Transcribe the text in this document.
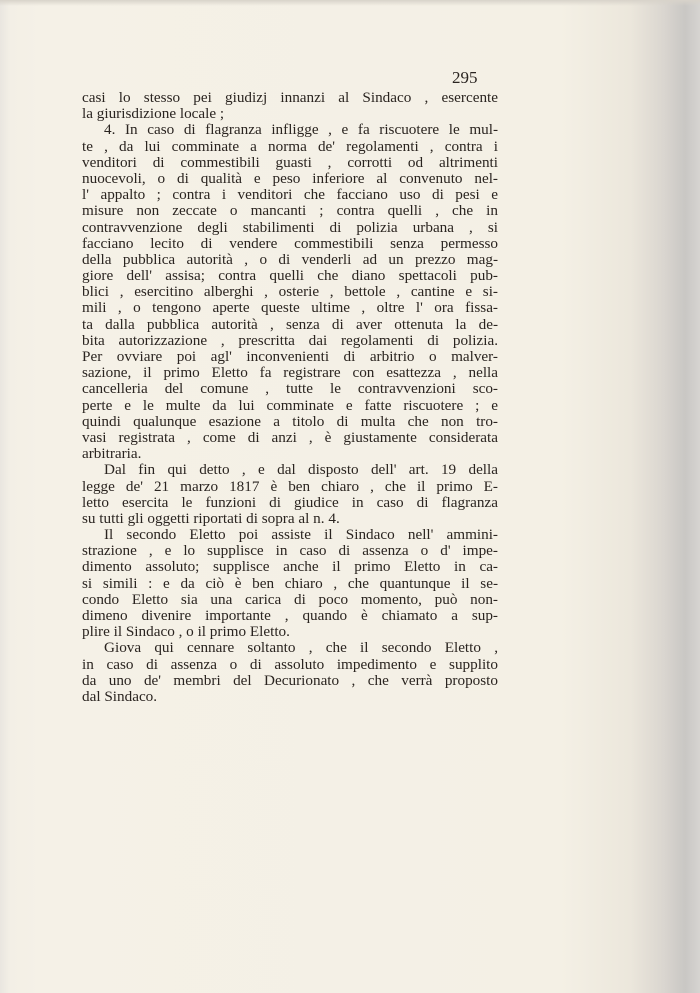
295
casi lo stesso pei giudizj innanzi al Sindaco , esercente
la giurisdizione locale ;
4. In caso di flagranza infligge , e fa riscuotere le mul-
te , da lui comminate a norma de' regolamenti , contra i
venditori di commestibili guasti , corrotti od altrimenti
nuocevoli, o di qualità e peso inferiore al convenuto nel-
l' appalto ; contra i venditori che facciano uso di pesi e
misure non zeccate o mancanti ; contra quelli , che in
contravvenzione degli stabilimenti di polizia urbana , si
facciano lecito di vendere commestibili senza permesso
della pubblica autorità , o di venderli ad un prezzo mag-
giore dell' assisa; contra quelli che diano spettacoli pub-
blici , esercitino alberghi , osterie , bettole , cantine e si-
mili , o tengono aperte queste ultime , oltre l' ora fissa-
ta dalla pubblica autorità , senza di aver ottenuta la de-
bita autorizzazione , prescritta dai regolamenti di polizia.
Per ovviare poi agl' inconvenienti di arbitrio o malver-
sazione, il primo Eletto fa registrare con esattezza , nella
cancelleria del comune , tutte le contravvenzioni sco-
perte e le multe da lui comminate e fatte riscuotere ; e
quindi qualunque esazione a titolo di multa che non tro-
vasi registrata , come di anzi , è giustamente considerata
arbitraria.
Dal fin qui detto , e dal disposto dell' art. 19 della
legge de' 21 marzo 1817 è ben chiaro , che il primo E-
letto esercita le funzioni di giudice in caso di flagranza
su tutti gli oggetti riportati di sopra al n. 4.
Il secondo Eletto poi assiste il Sindaco nell' ammini-
strazione , e lo supplisce in caso di assenza o d' impe-
dimento assoluto; supplisce anche il primo Eletto in ca-
si simili : e da ciò è ben chiaro , che quantunque il se-
condo Eletto sia una carica di poco momento, può non-
dimeno divenire importante , quando è chiamato a sup-
plire il Sindaco , o il primo Eletto.
Giova qui cennare soltanto , che il secondo Eletto ,
in caso di assenza o di assoluto impedimento e supplito
da uno de' membri del Decurionato , che verrà proposto
dal Sindaco.
